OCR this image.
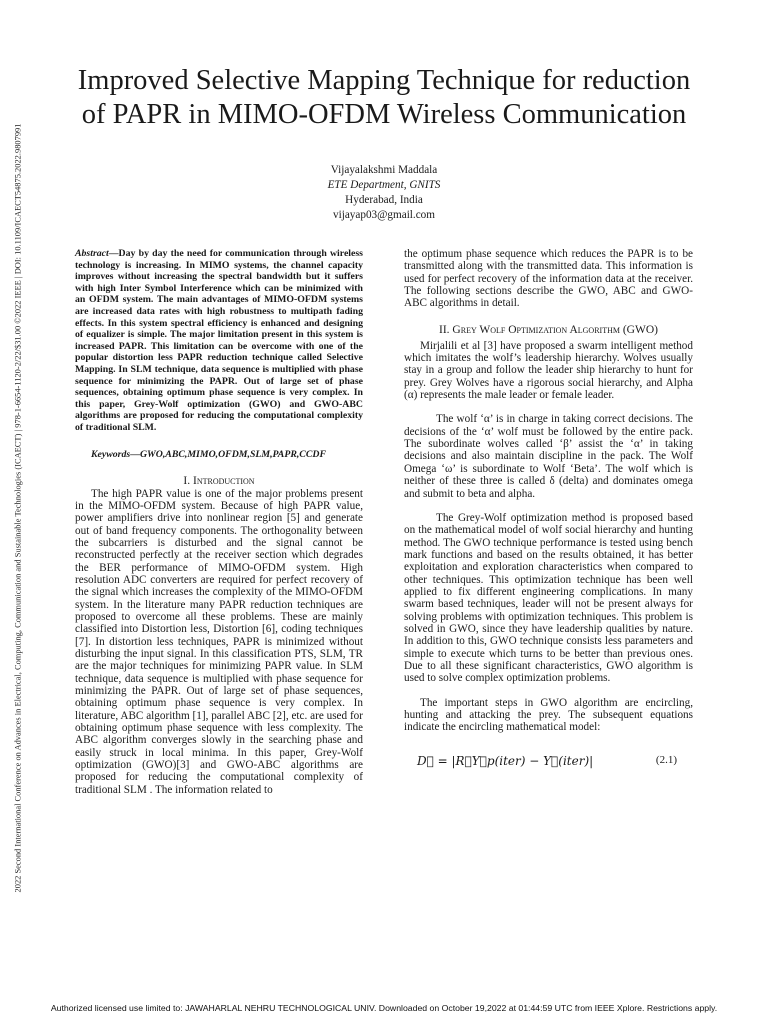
2022 Second International Conference on Advances in Electrical, Computing, Communication and Sustainable Technologies (ICAECT) | 978-1-6654-1120-2/22/$31.00 ©2022 IEEE | DOI: 10.1109/ICAECT54875.2022.9807991
Improved Selective Mapping Technique for reduction
of PAPR in MIMO-OFDM Wireless Communication
Vijayalakshmi Maddala
ETE Department, GNITS
Hyderabad, India
vijayap03@gmail.com

Abstract—Day by day the need for communication through wireless technology is increasing. In MIMO systems, the channel capacity improves without increasing the spectral bandwidth but it suffers with high Inter Symbol Interference which can be minimized with an OFDM system. The main advantages of MIMO-OFDM systems are increased data rates with high robustness to multipath fading effects. In this system spectral efficiency is enhanced and designing of equalizer is simple. The major limitation present in this system is increased PAPR. This limitation can be overcome with one of the popular distortion less PAPR reduction technique called Selective Mapping. In SLM technique, data sequence is multiplied with phase sequence for minimizing the PAPR. Out of large set of phase sequences, obtaining optimum phase sequence is very complex. In this paper, Grey-Wolf optimization (GWO) and GWO-ABC algorithms are proposed for reducing the computational complexity of traditional SLM.

Keywords—GWO,ABC,MIMO,OFDM,SLM,PAPR,CCDF

I. Introduction

The high PAPR value is one of the major problems present in the MIMO-OFDM system. Because of high PAPR value, power amplifiers drive into nonlinear region [5] and generate out of band frequency components. The orthogonality between the subcarriers is disturbed and the signal cannot be reconstructed perfectly at the receiver section which degrades the BER performance of MIMO-OFDM system. High resolution ADC converters are required for perfect recovery of the signal which increases the complexity of the MIMO-OFDM system. In the literature many PAPR reduction techniques are proposed to overcome all these problems. These are mainly classified into Distortion less, Distortion [6], coding techniques [7]. In distortion less techniques, PAPR is minimized without disturbing the input signal. In this classification PTS, SLM, TR are the major techniques for minimizing PAPR value. In SLM technique, data sequence is multiplied with phase sequence for minimizing the PAPR. Out of large set of phase sequences, obtaining optimum phase sequence is very complex. In literature, ABC algorithm [1], parallel ABC [2], etc. are used for obtaining optimum phase sequence with less complexity. The ABC algorithm converges slowly in the searching phase and easily struck in local minima. In this paper, Grey-Wolf optimization (GWO)[3] and GWO-ABC algorithms are proposed for reducing the computational complexity of traditional SLM . The information related to

the optimum phase sequence which reduces the PAPR is to be transmitted along with the transmitted data. This information is used for perfect recovery of the information data at the receiver. The following sections describe the GWO, ABC and GWO-ABC algorithms in detail.

II. Grey Wolf Optimization Algorithm (GWO)

Mirjalili et al [3] have proposed a swarm intelligent method which imitates the wolf’s leadership hierarchy. Wolves usually stay in a group and follow the leader ship hierarchy to hunt for prey. Grey Wolves have a rigorous social hierarchy, and Alpha (α) represents the male leader or female leader.

The wolf ‘α’ is in charge in taking correct decisions. The decisions of the ‘α’ wolf must be followed by the entire pack. The subordinate wolves called ‘β’ assist the ‘α’ in taking decisions and also maintain discipline in the pack. The Wolf Omega ‘ω’ is subordinate to Wolf ‘Beta’. The wolf which is neither of these three is called δ (delta) and dominates omega and submit to beta and alpha.

The Grey-Wolf optimization method is proposed based on the mathematical model of wolf social hierarchy and hunting method. The GWO technique performance is tested using bench mark functions and based on the results obtained, it has better exploitation and exploration characteristics when compared to other techniques. This optimization technique has been well applied to fix different engineering complications. In many swarm based techniques, leader will not be present always for solving problems with optimization techniques. This problem is solved in GWO, since they have leadership qualities by nature. In addition to this, GWO technique consists less parameters and simple to execute which turns to be better than previous ones. Due to all these significant characteristics, GWO algorithm is used to solve complex optimization problems.

The important steps in GWO algorithm are encircling, hunting and attacking the prey. The subsequent equations indicate the encircling mathematical model:

D⃗ = |R⃗Y⃗p(iter) − Y⃗(iter)|	(2.1)
Authorized licensed use limited to: JAWAHARLAL NEHRU TECHNOLOGICAL UNIV. Downloaded on October 19,2022 at 01:44:59 UTC from IEEE Xplore. Restrictions apply.
